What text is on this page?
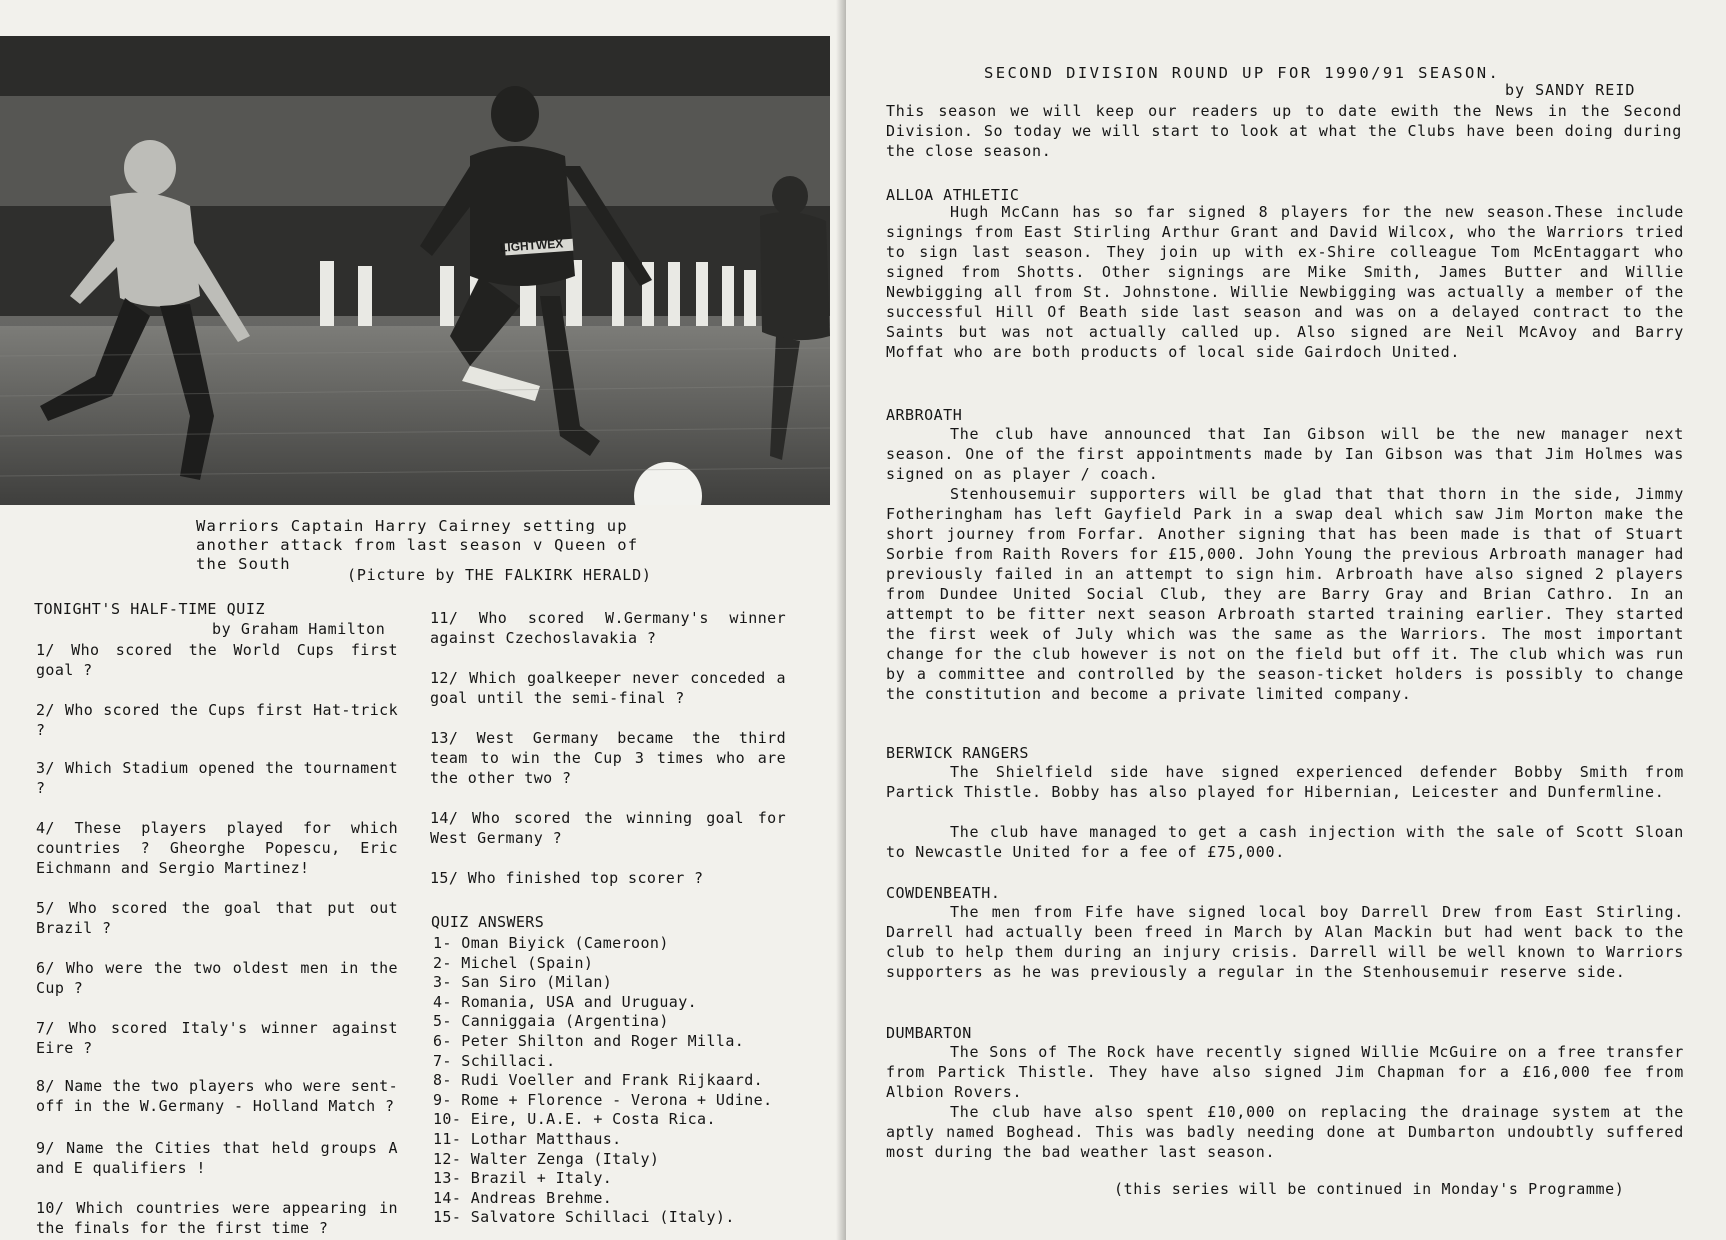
LIGHTWEX
Warriors Captain Harry Cairney setting up another attack from last season v Queen of the South
(Picture by THE FALKIRK HERALD)
TONIGHT'S HALF-TIME QUIZ
by Graham Hamilton

1/ Who scored the World Cups first goal ?

2/ Who scored the Cups first Hat-trick ?

3/ Which Stadium opened the tournament ?

4/ These players played for which countries ? Gheorghe Popescu, Eric Eichmann and Sergio Martinez!

5/ Who scored the goal that put out Brazil ?

6/ Who were the two oldest men in the Cup ?

7/ Who scored Italy's winner against Eire ?

8/ Name the two players who were sent-off in the W.Germany - Holland Match ?

9/ Name the Cities that held groups A and E qualifiers !

10/ Which countries were appearing in the finals for the first time ?

11/ Who scored W.Germany's winner against Czechoslavakia ?

12/ Which goalkeeper never conceded a goal until the semi-final ?

13/ West Germany became the third team to win the Cup 3 times who are the other two ?

14/ Who scored the winning goal for West Germany ?

15/ Who finished top scorer ?

QUIZ ANSWERS
1- Oman Biyick (Cameroon)
2- Michel (Spain)
3- San Siro (Milan)
4- Romania, USA and Uruguay.
5- Canniggaia (Argentina)
6- Peter Shilton and Roger Milla.
7- Schillaci.
8- Rudi Voeller and Frank Rijkaard.
9- Rome + Florence - Verona + Udine.
10- Eire, U.A.E. + Costa Rica.
11- Lothar Matthaus.
12- Walter Zenga (Italy)
13- Brazil + Italy.
14- Andreas Brehme.
15- Salvatore Schillaci (Italy).
SECOND DIVISION ROUND UP FOR 1990/91 SEASON.
by SANDY REID
This season we will keep our readers up to date ewith the News in the Second Division. So today we will start to look at what the Clubs have been doing during the close season.
ALLOA ATHLETIC

Hugh McCann has so far signed 8 players for the new season.These include signings from East Stirling Arthur Grant and David Wilcox, who the Warriors tried to sign last season. They join up with ex-Shire colleague Tom McEntaggart who signed from Shotts. Other signings are Mike Smith, James Butter and Willie Newbigging all from St. Johnstone. Willie Newbigging was actually a member of the successful Hill Of Beath side last season and was on a delayed contract to the Saints but was not actually called up. Also signed are Neil McAvoy and Barry Moffat who are both products of local side Gairdoch United.

ARBROATH

The club have announced that Ian Gibson will be the new manager next season. One of the first appointments made by Ian Gibson was that Jim Holmes was signed on as player / coach.

Stenhousemuir supporters will be glad that that thorn in the side, Jimmy Fotheringham has left Gayfield Park in a swap deal which saw Jim Morton make the short journey from Forfar. Another signing that has been made is that of Stuart Sorbie from Raith Rovers for £15,000. John Young the previous Arbroath manager had previously failed in an attempt to sign him. Arbroath have also signed 2 players from Dundee United Social Club, they are Barry Gray and Brian Cathro. In an attempt to be fitter next season Arbroath started training earlier. They started the first week of July which was the same as the Warriors. The most important change for the club however is not on the field but off it. The club which was run by a committee and controlled by the season-ticket holders is possibly to change the constitution and become a private limited company.

BERWICK RANGERS

The Shielfield side have signed experienced defender Bobby Smith from Partick Thistle. Bobby has also played for Hibernian, Leicester and Dunfermline.

The club have managed to get a cash injection with the sale of Scott Sloan to Newcastle United for a fee of £75,000.

COWDENBEATH.

The men from Fife have signed local boy Darrell Drew from East Stirling. Darrell had actually been freed in March by Alan Mackin but had went back to the club to help them during an injury crisis. Darrell will be well known to Warriors supporters as he was previously a regular in the Stenhousemuir reserve side.

DUMBARTON

The Sons of The Rock have recently signed Willie McGuire on a free transfer from Partick Thistle. They have also signed Jim Chapman for a £16,000 fee from Albion Rovers.

The club have also spent £10,000 on replacing the drainage system at the aptly named Boghead. This was badly needing done at Dumbarton undoubtly suffered most during the bad weather last season.

(this series will be continued in Monday's Programme)
